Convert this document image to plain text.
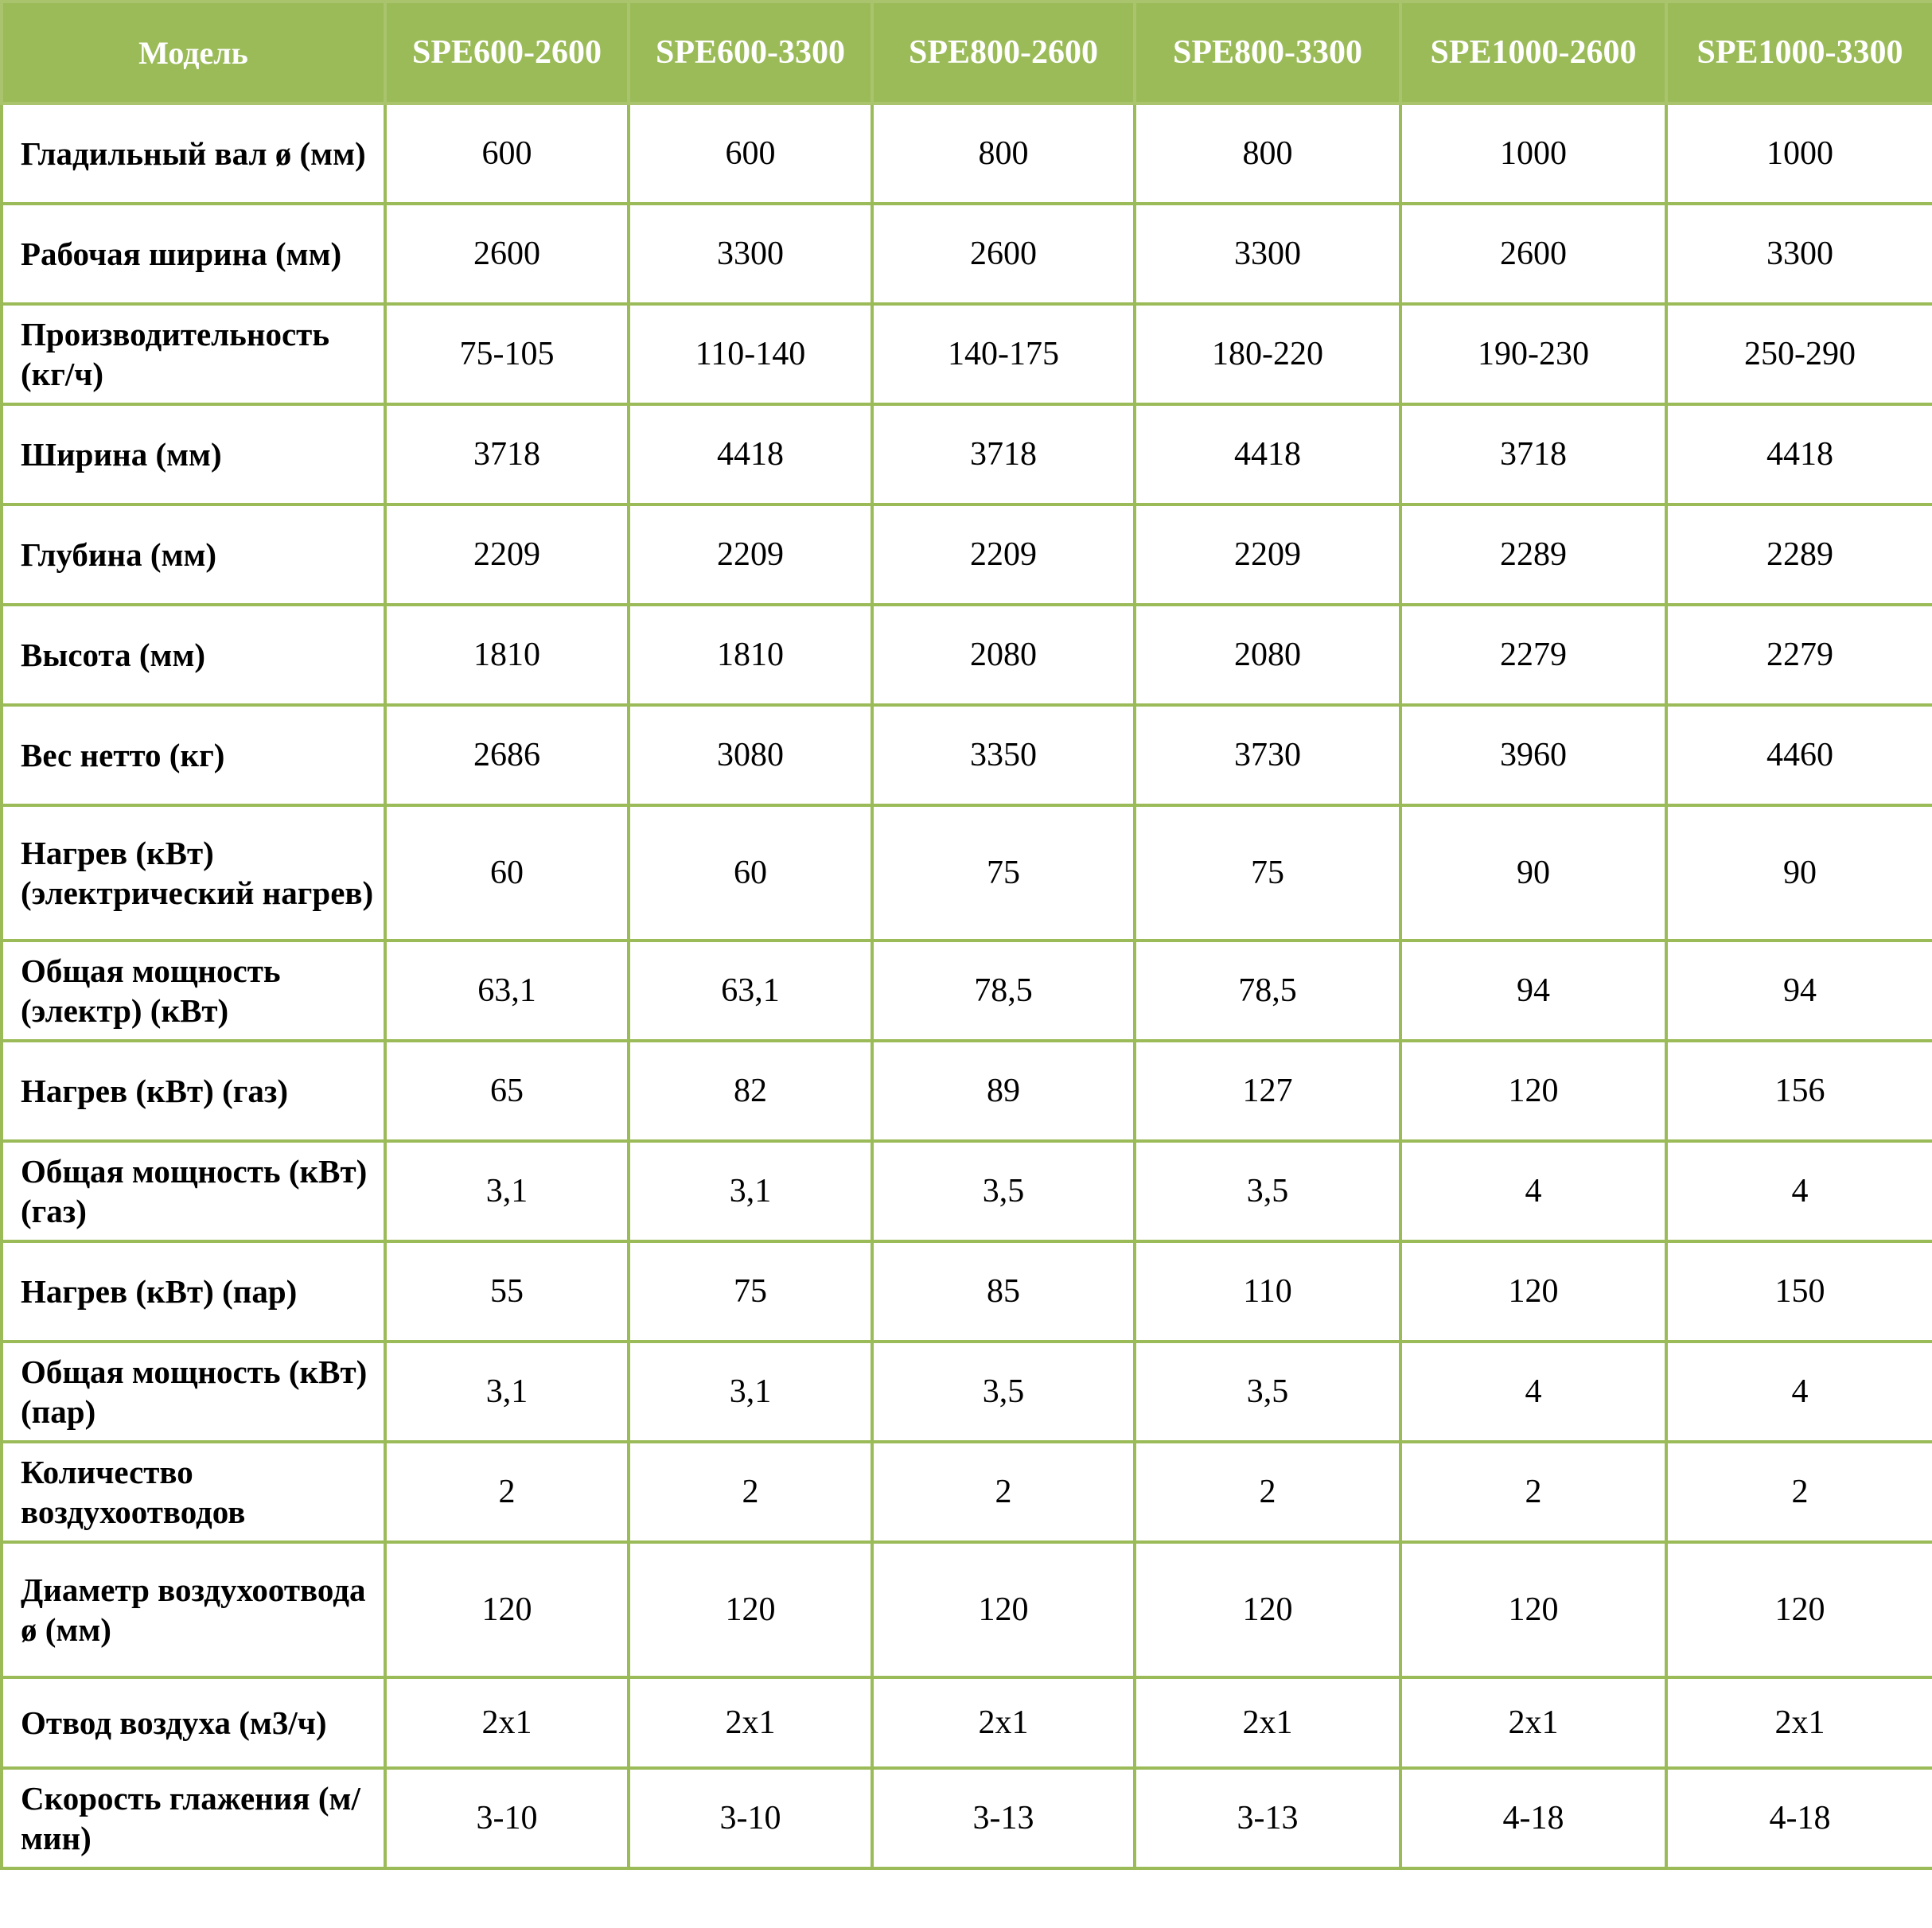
Модель	SPE600-2600	SPE600-3300	SPE800-2600	SPE800-3300	SPE1000-2600	SPE1000-3300
Гладильный вал ø (мм)	600	600	800	800	1000	1000
Рабочая ширина (мм)	2600	3300	2600	3300	2600	3300
Производительность (кг/ч)	75-105	110-140	140-175	180-220	190-230	250-290
Ширина (мм)	3718	4418	3718	4418	3718	4418
Глубина (мм)	2209	2209	2209	2209	2289	2289
Высота (мм)	1810	1810	2080	2080	2279	2279
Вес нетто (кг)	2686	3080	3350	3730	3960	4460
Нагрев (кВт) (электрический нагрев)	60	60	75	75	90	90
Общая мощность (электр) (кВт)	63,1	63,1	78,5	78,5	94	94
Нагрев (кВт) (газ)	65	82	89	127	120	156
Общая мощность (кВт) (газ)	3,1	3,1	3,5	3,5	4	4
Нагрев (кВт) (пар)	55	75	85	110	120	150
Общая мощность (кВт) (пар)	3,1	3,1	3,5	3,5	4	4
Количество воздухоотводов	2	2	2	2	2	2
Диаметр воздухоотвода ø (мм)	120	120	120	120	120	120
Отвод воздуха (м3/ч)	2x1	2x1	2x1	2x1	2x1	2x1
Скорость глажения (м/мин)	3-10	3-10	3-13	3-13	4-18	4-18
